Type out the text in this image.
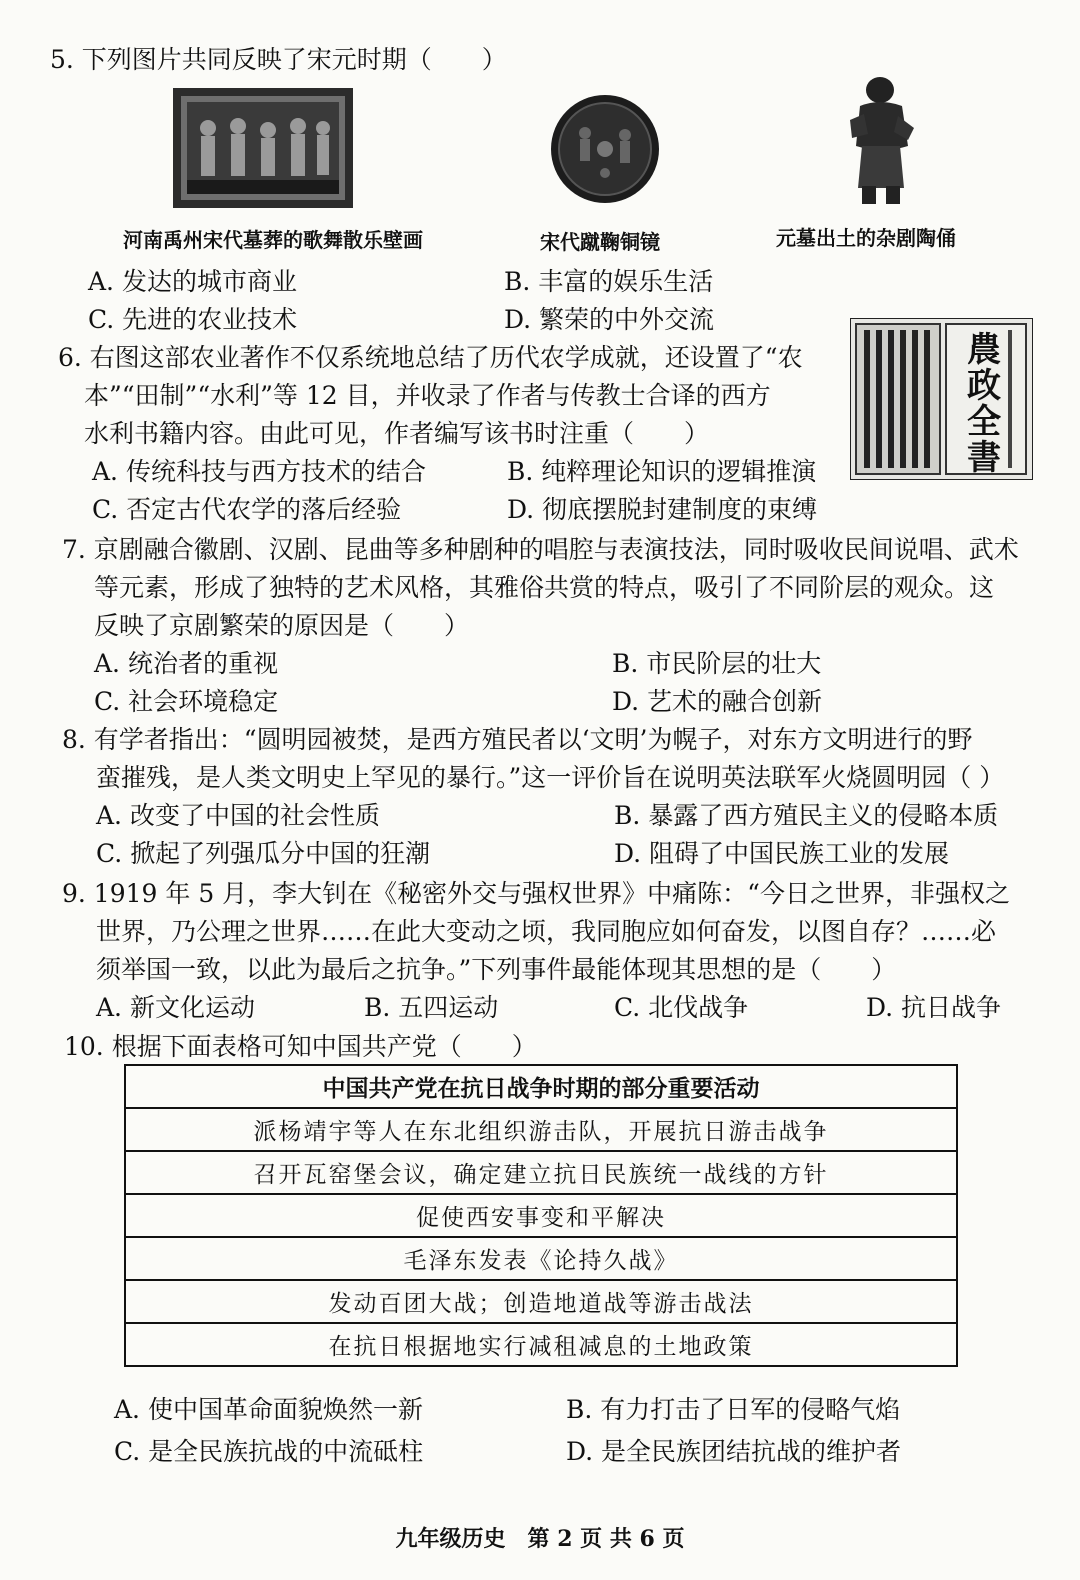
5. 下列图片共同反映了宋元时期（　　）
河南禹州宋代墓葬的歌舞散乐壁画	宋代蹴鞠铜镜	元墓出土的杂剧陶俑
A. 发达的城市商业	B. 丰富的娱乐生活
C. 先进的农业技术	D. 繁荣的中外交流
農政全書
6. 右图这部农业著作不仅系统地总结了历代农学成就，还设置了“农
本”“田制”“水利”等 12 目，并收录了作者与传教士合译的西方
水利书籍内容。由此可见，作者编写该书时注重（　　）
A. 传统科技与西方技术的结合	B. 纯粹理论知识的逻辑推演
C. 否定古代农学的落后经验	D. 彻底摆脱封建制度的束缚
7. 京剧融合徽剧、汉剧、昆曲等多种剧种的唱腔与表演技法，同时吸收民间说唱、武术
等元素，形成了独特的艺术风格，其雅俗共赏的特点，吸引了不同阶层的观众。这
反映了京剧繁荣的原因是（　　）
A. 统治者的重视	B. 市民阶层的壮大
C. 社会环境稳定	D. 艺术的融合创新
8. 有学者指出：“圆明园被焚，是西方殖民者以‘文明’为幌子，对东方文明进行的野
蛮摧残，是人类文明史上罕见的暴行。”这一评价旨在说明英法联军火烧圆明园（ ）
A. 改变了中国的社会性质	B. 暴露了西方殖民主义的侵略本质
C. 掀起了列强瓜分中国的狂潮	D. 阻碍了中国民族工业的发展
9. 1919 年 5 月，李大钊在《秘密外交与强权世界》中痛陈：“今日之世界，非强权之
世界，乃公理之世界……在此大变动之顷，我同胞应如何奋发，以图自存？……必
须举国一致，以此为最后之抗争。”下列事件最能体现其思想的是（　　）
A. 新文化运动	B. 五四运动	C. 北伐战争	D. 抗日战争
10. 根据下面表格可知中国共产党（　　）
中国共产党在抗日战争时期的部分重要活动
派杨靖宇等人在东北组织游击队，开展抗日游击战争
召开瓦窑堡会议，确定建立抗日民族统一战线的方针
促使西安事变和平解决
毛泽东发表《论持久战》
发动百团大战；创造地道战等游击战法
在抗日根据地实行减租减息的土地政策
A. 使中国革命面貌焕然一新	B. 有力打击了日军的侵略气焰
C. 是全民族抗战的中流砥柱	D. 是全民族团结抗战的维护者
九年级历史　第 2 页 共 6 页
